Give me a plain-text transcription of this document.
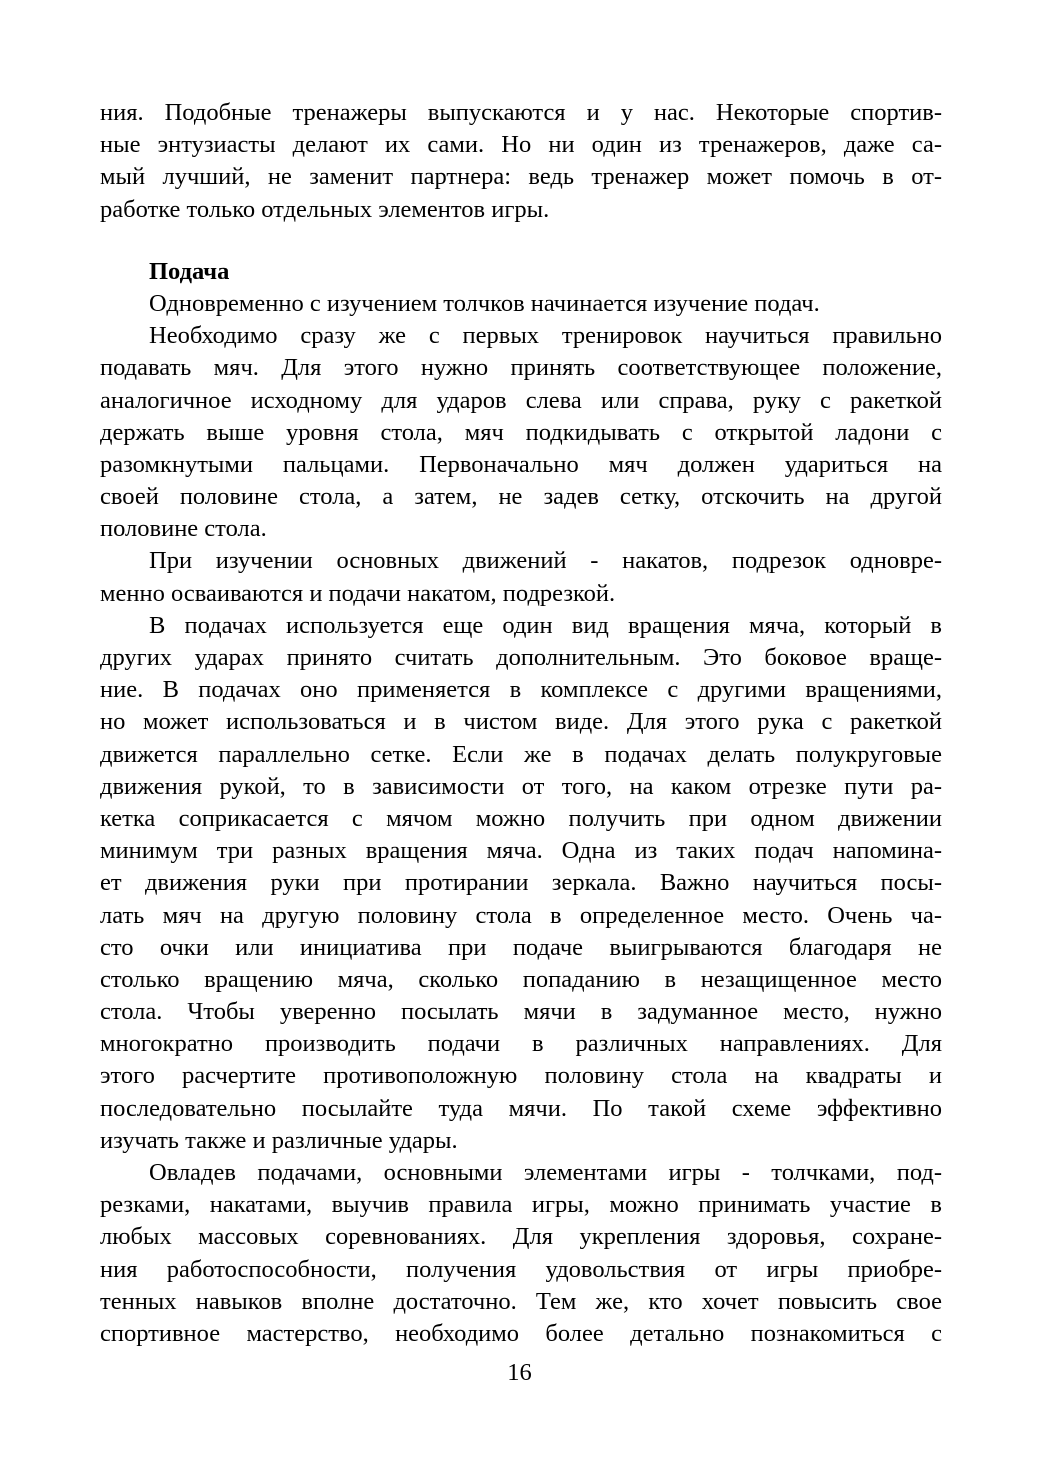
ния. Подобные тренажеры выпускаются и у нас. Некоторые спортив-
ные энтузиасты делают их сами. Но ни один из тренажеров, даже са-
мый лучший, не заменит партнера: ведь тренажер может помочь в от-
работке только отдельных элементов игры.
Подача
Одновременно с изучением толчков начинается изучение подач.
Необходимо сразу же с первых тренировок научиться правильно
подавать мяч. Для этого нужно принять соответствующее положение,
аналогичное исходному для ударов слева или справа, руку с ракеткой
держать выше уровня стола, мяч подкидывать с открытой ладони с
разомкнутыми пальцами. Первоначально мяч должен удариться на
своей половине стола, а затем, не задев сетку, отскочить на другой
половине стола.
При изучении основных движений - накатов, подрезок одновре-
менно осваиваются и подачи накатом, подрезкой.
В подачах используется еще один вид вращения мяча, который в
других ударах принято считать дополнительным. Это боковое враще-
ние. В подачах оно применяется в комплексе с другими вращениями,
но может использоваться и в чистом виде. Для этого рука с ракеткой
движется параллельно сетке. Если же в подачах делать полукруговые
движения рукой, то в зависимости от того, на каком отрезке пути ра-
кетка соприкасается с мячом можно получить при одном движении
минимум три разных вращения мяча. Одна из таких подач напомина-
ет движения руки при протирании зеркала. Важно научиться посы-
лать мяч на другую половину стола в определенное место. Очень ча-
сто очки или инициатива при подаче выигрываются благодаря не
столько вращению мяча, сколько попаданию в незащищенное место
стола. Чтобы уверенно посылать мячи в задуманное место, нужно
многократно производить подачи в различных направлениях. Для
этого расчертите противоположную половину стола на квадраты и
последовательно посылайте туда мячи. По такой схеме эффективно
изучать также и различные удары.
Овладев подачами, основными элементами игры - толчками, под-
резками, накатами, выучив правила игры, можно принимать участие в
любых массовых соревнованиях. Для укрепления здоровья, сохране-
ния работоспособности, получения удовольствия от игры приобре-
тенных навыков вполне достаточно. Тем же, кто хочет повысить свое
спортивное мастерство, необходимо более детально познакомиться с
16
